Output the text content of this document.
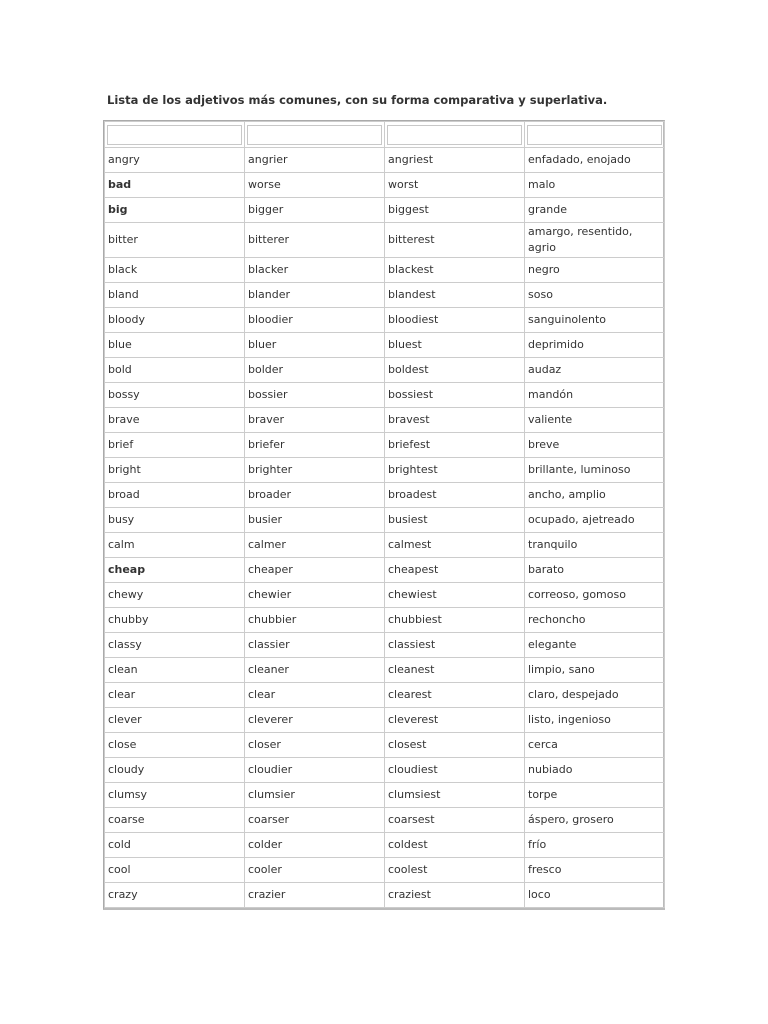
Lista de los adjetivos más comunes, con su forma comparativa y superlativa.

angry	angrier	angriest	enfadado, enojado
bad	worse	worst	malo
big	bigger	biggest	grande
bitter	bitterer	bitterest	amargo, resentido, agrio
black	blacker	blackest	negro
bland	blander	blandest	soso
bloody	bloodier	bloodiest	sanguinolento
blue	bluer	bluest	deprimido
bold	bolder	boldest	audaz
bossy	bossier	bossiest	mandón
brave	braver	bravest	valiente
brief	briefer	briefest	breve
bright	brighter	brightest	brillante, luminoso
broad	broader	broadest	ancho, amplio
busy	busier	busiest	ocupado, ajetreado
calm	calmer	calmest	tranquilo
cheap	cheaper	cheapest	barato
chewy	chewier	chewiest	correoso, gomoso
chubby	chubbier	chubbiest	rechoncho
classy	classier	classiest	elegante
clean	cleaner	cleanest	limpio, sano
clear	clear	clearest	claro, despejado
clever	cleverer	cleverest	listo, ingenioso
close	closer	closest	cerca
cloudy	cloudier	cloudiest	nubiado
clumsy	clumsier	clumsiest	torpe
coarse	coarser	coarsest	áspero, grosero
cold	colder	coldest	frío
cool	cooler	coolest	fresco
crazy	crazier	craziest	loco
